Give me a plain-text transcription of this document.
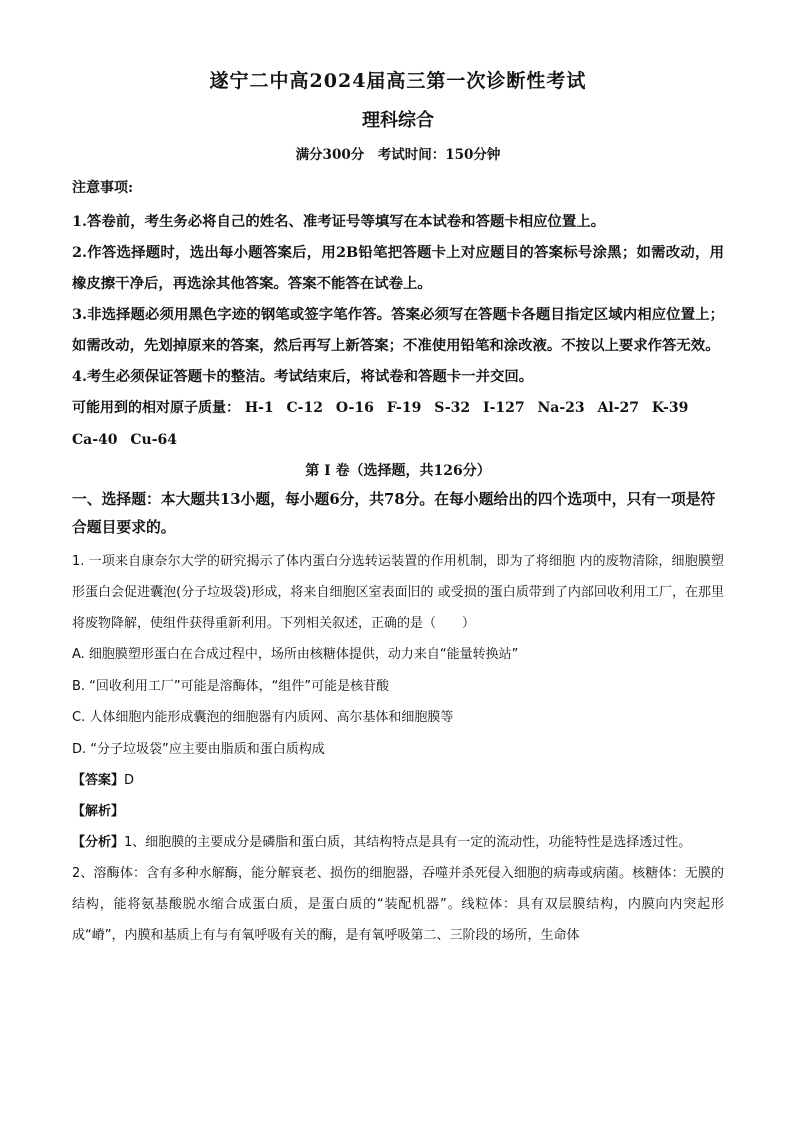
遂宁二中高2024届高三第一次诊断性考试
理科综合
满分300分　考试时间：150分钟
注意事项:

1.答卷前，考生务必将自己的姓名、准考证号等填写在本试卷和答题卡相应位置上。

2.作答选择题时，选出每小题答案后，用2B铅笔把答题卡上对应题目的答案标号涂黑；如需改动，用橡皮擦干净后，再选涂其他答案。答案不能答在试卷上。

3.非选择题必须用黑色字迹的钢笔或签字笔作答。答案必须写在答题卡各题目指定区域内相应位置上；如需改动，先划掉原来的答案，然后再写上新答案；不准使用铅笔和涂改液。不按以上要求作答无效。

4.考生必须保证答题卡的整洁。考试结束后，将试卷和答题卡一并交回。

可能用到的相对原子质量： H-1 C-12 O-16 F-19 S-32 I-127 Na-23 Al-27 K-39 Ca-40 Cu-64

第 I 卷（选择题，共126分）

一、选择题：本大题共13小题，每小题6分，共78分。在每小题给出的四个选项中，只有一项是符合题目要求的。

1. 一项来自康奈尔大学的研究揭示了体内蛋白分选转运装置的作用机制，即为了将细胞 内的废物清除，细胞膜塑形蛋白会促进囊泡(分子垃圾袋)形成，将来自细胞区室表面旧的 或受损的蛋白质带到了内部回收利用工厂，在那里将废物降解，使组件获得重新利用。下列相关叙述，正确的是（　　）

A. 细胞膜塑形蛋白在合成过程中，场所由核糖体提供，动力来自“能量转换站”

B. “回收利用工厂”可能是溶酶体，“组件”可能是核苷酸

C. 人体细胞内能形成囊泡的细胞器有内质网、高尔基体和细胞膜等

D. “分子垃圾袋”应主要由脂质和蛋白质构成

【答案】D

【解析】

【分析】1、细胞膜的主要成分是磷脂和蛋白质，其结构特点是具有一定的流动性，功能特性是选择透过性。

2、溶酶体：含有多种水解酶，能分解衰老、损伤的细胞器，吞噬并杀死侵入细胞的病毒或病菌。核糖体：无膜的结构，能将氨基酸脱水缩合成蛋白质，是蛋白质的“装配机器”。线粒体：具有双层膜结构，内膜向内突起形成“嵴”，内膜和基质上有与有氧呼吸有关的酶，是有氧呼吸第二、三阶段的场所，生命体
